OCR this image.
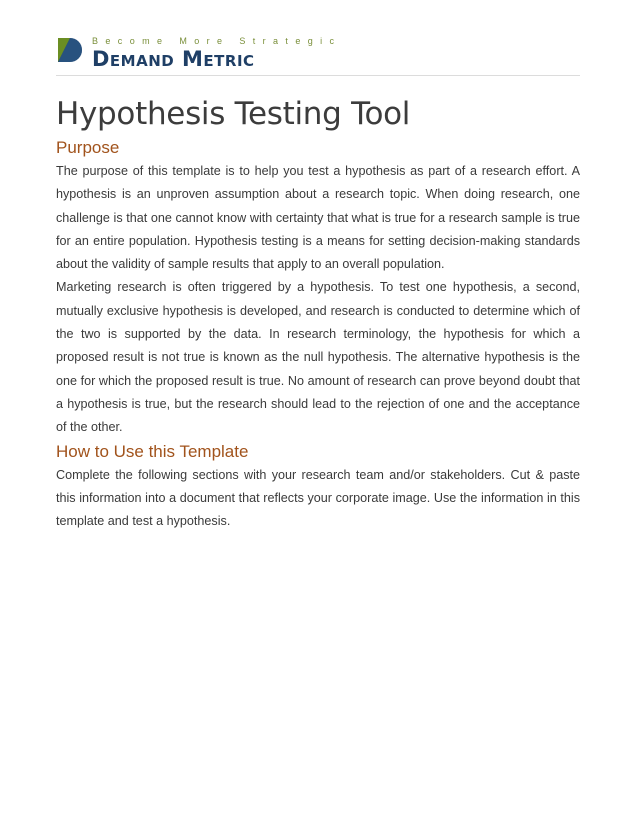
Become More Strategic
Demand Metric
Hypothesis Testing Tool
Purpose

The purpose of this template is to help you test a hypothesis as part of a research effort. A hypothesis is an unproven assumption about a research topic. When doing research, one challenge is that one cannot know with certainty that what is true for a research sample is true for an entire population. Hypothesis testing is a means for setting decision-making standards about the validity of sample results that apply to an overall population.

Marketing research is often triggered by a hypothesis. To test one hypothesis, a second, mutually exclusive hypothesis is developed, and research is conducted to determine which of the two is supported by the data. In research terminology, the hypothesis for which a proposed result is not true is known as the null hypothesis. The alternative hypothesis is the one for which the proposed result is true. No amount of research can prove beyond doubt that a hypothesis is true, but the research should lead to the rejection of one and the acceptance of the other.

How to Use this Template

Complete the following sections with your research team and/or stakeholders. Cut & paste this information into a document that reflects your corporate image. Use the information in this template and test a hypothesis.
